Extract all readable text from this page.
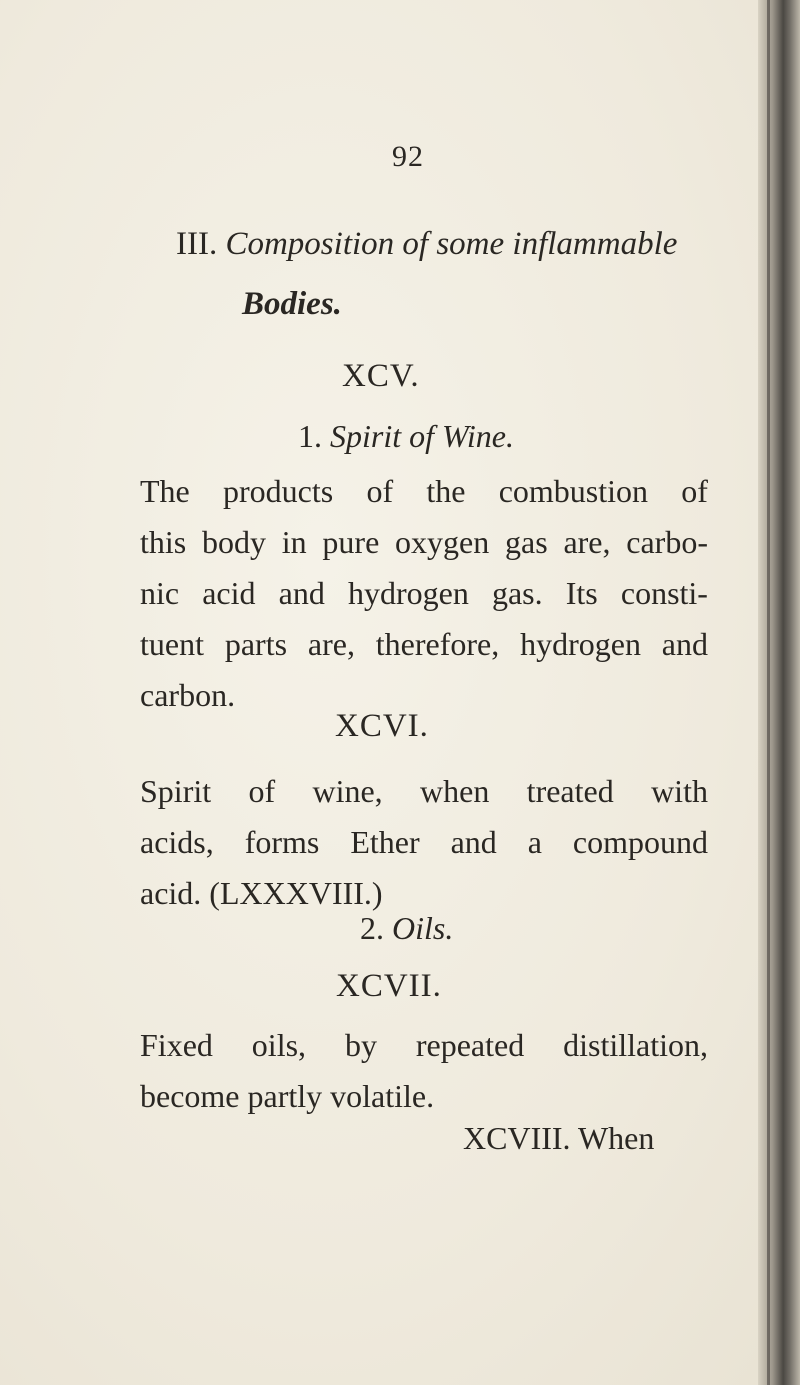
92
III. Composition of some inflammable
Bodies.
XCV.
1. Spirit of Wine.
The products of the combustion of
this body in pure oxygen gas are, carbo-
nic acid and hydrogen gas. Its consti-
tuent parts are, therefore, hydrogen and
carbon.
XCVI.
Spirit of wine, when treated with
acids, forms Ether and a compound
acid. (LXXXVIII.)
2. Oils.
XCVII.
Fixed oils, by repeated distillation,
become partly volatile.
XCVIII. When
